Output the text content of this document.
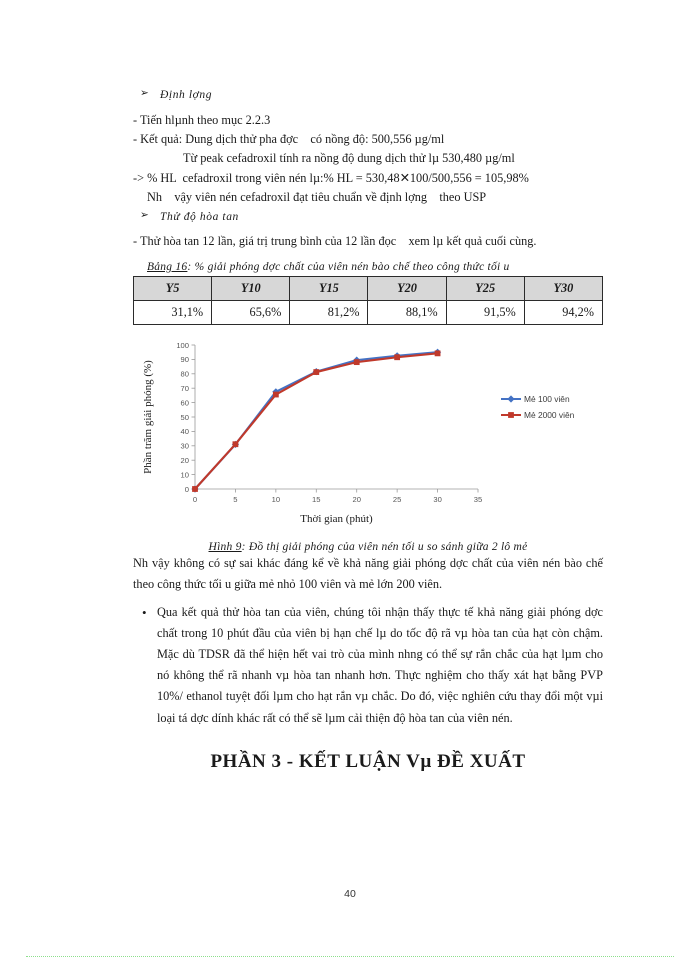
➢ Định lợng

- Tiến hlµnh theo mục 2.2.3

- Kết quả: Dung dịch thử pha đợc    có nồng độ: 500,556 µg/ml

Từ peak cefadroxil tính ra nồng độ dung dịch thử lµ 530,480 µg/ml

-> % HL  cefadroxil trong viên nén lµ:% HL = 530,48✕100/500,556 = 105,98%

Nh    vậy viên nén cefadroxil đạt tiêu chuẩn về định lợng    theo USP

➢ Thử độ hòa tan

- Thử hòa tan 12 lần, giá trị trung bình của 12 lần đọc    xem lµ kết quả cuối cùng.

Bảng 16: % giải phóng dợc chất của viên nén bào chế theo công thức tối u
Y5	Y10	Y15	Y20	Y25	Y30
31,1%	65,6%	81,2%	88,1%	91,5%	94,2%
0
10
20
30
40
50
60
70
80
90
100
0	5	10	15	20	25	30	35
Thời gian (phút)
Phần trăm giải phóng (%)	Mẻ 100 viên
Mẻ 2000 viên
Hình 9: Đồ thị giải phóng của viên nén tối u so sánh giữa 2 lô mẻ

Nh vậy không có sự sai khác đáng kể về khả năng giải phóng dợc chất của viên nén bào chế theo công thức tối u giữa mẻ nhỏ 100 viên và mẻ lớn 200 viên.

• Qua kết quả thử hòa tan của viên, chúng tôi nhận thấy thực tế khả năng giải phóng dợc chất trong 10 phút đầu của viên bị hạn chế lµ do tốc độ rã vµ hòa tan của hạt còn chậm. Mặc dù TDSR đã thể hiện hết vai trò của mình nhng có thể sự rắn chắc của hạt lµm cho nó không thể rã nhanh vµ hòa tan nhanh hơn. Thực nghiệm cho thấy xát hạt bằng PVP 10%/ ethanol tuyệt đối lµm cho hạt rắn vµ chắc. Do đó, việc nghiên cứu thay đổi một vµi loại tá dợc dính khác rất có thể sẽ lµm cải thiện độ hòa tan của viên nén.

PHẦN 3 - KẾT LUẬN Vµ ĐỀ XUẤT
40
